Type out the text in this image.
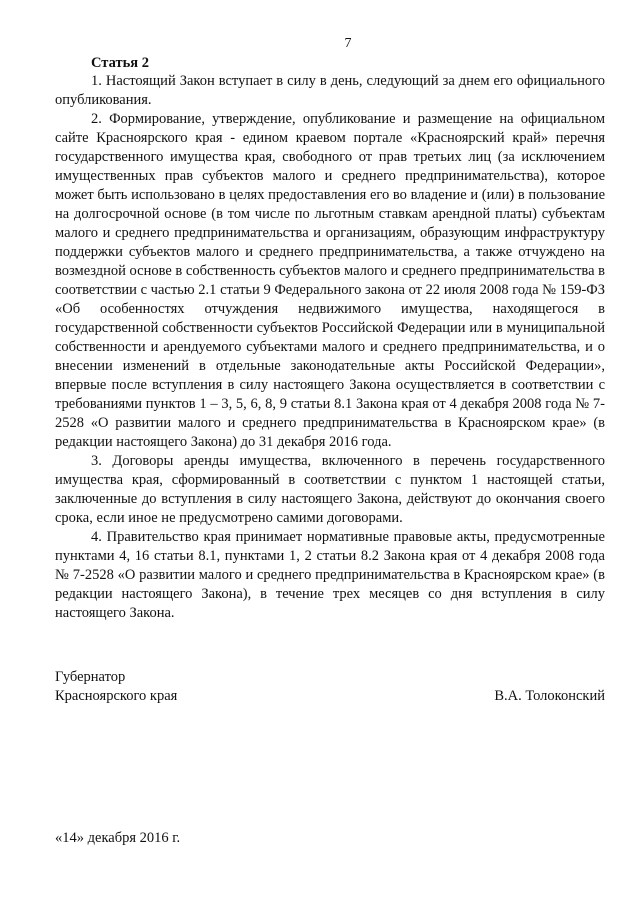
7
Статья 2

1. Настоящий Закон вступает в силу в день, следующий за днем его официального опубликования.

2. Формирование, утверждение, опубликование и размещение на официальном сайте Красноярского края - едином краевом портале «Красноярский край» перечня государственного имущества края, свободного от прав третьих лиц (за исключением имущественных прав субъектов малого и среднего предпринимательства), которое может быть использовано в целях предоставления его во владение и (или) в пользование на долгосрочной основе (в том числе по льготным ставкам арендной платы) субъектам малого и среднего предпринимательства и организациям, образующим инфраструктуру поддержки субъектов малого и среднего предпринимательства, а также отчуждено на возмездной основе в собственность субъектов малого и среднего предпринимательства в соответствии с частью 2.1 статьи 9 Федерального закона от 22 июля 2008 года № 159-ФЗ «Об особенностях отчуждения недвижимого имущества, находящегося в государственной собственности субъектов Российской Федерации или в муниципальной собственности и арендуемого субъектами малого и среднего предпринимательства, и о внесении изменений в отдельные законодательные акты Российской Федерации», впервые после вступления в силу настоящего Закона осуществляется в соответствии с требованиями пунктов 1 – 3, 5, 6, 8, 9 статьи 8.1 Закона края от 4 декабря 2008 года № 7-2528 «О развитии малого и среднего предпринимательства в Красноярском крае» (в редакции настоящего Закона) до 31 декабря 2016 года.

3. Договоры аренды имущества, включенного в перечень государственного имущества края, сформированный в соответствии с пунктом 1 настоящей статьи, заключенные до вступления в силу настоящего Закона, действуют до окончания своего срока, если иное не предусмотрено самими договорами.

4. Правительство края принимает нормативные правовые акты, предусмотренные пунктами 4, 16 статьи 8.1, пунктами 1, 2 статьи 8.2 Закона края от 4 декабря 2008 года № 7-2528 «О развитии малого и среднего предпринимательства в Красноярском крае» (в редакции настоящего Закона), в течение трех месяцев со дня вступления в силу настоящего Закона.

Губернатор
Красноярского края	В.А. Толоконский
«14» декабря 2016 г.
